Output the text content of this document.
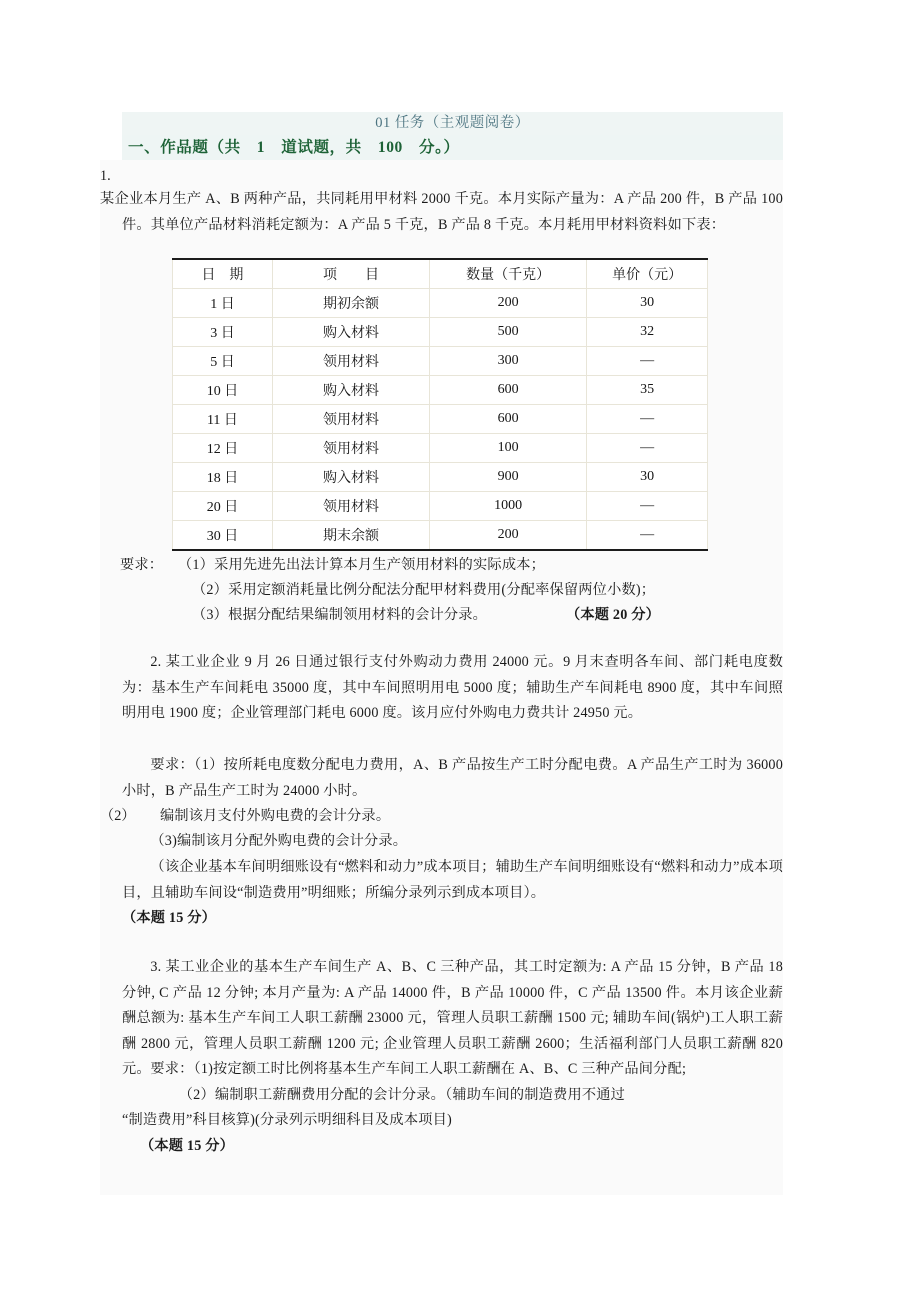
01 任务（主观题阅卷）
一、作品题（共　1　道试题，共　100　分。）
1.
某企业本月生产 A、B 两种产品，共同耗用甲材料 2000 千克。本月实际产量为：A 产品 200 件，B 产品 100 件。其单位产品材料消耗定额为：A 产品 5 千克，B 产品 8 千克。本月耗用甲材料资料如下表：
日　期	项　　目	数量（千克）	单价（元）
1 日	期初余额	200	30
3 日	购入材料	500	32
5 日	领用材料	300	—
10 日	购入材料	600	35
11 日	领用材料	600	—
12 日	领用材料	100	—
18 日	购入材料	900	30
20 日	领用材料	1000	—
30 日	期末余额	200	—
要求：	（1）采用先进先出法计算本月生产领用材料的实际成本；
（2）采用定额消耗量比例分配法分配甲材料费用(分配率保留两位小数)；
（3）根据分配结果编制领用材料的会计分录。	（本题 20 分）
2. 某工业企业 9 月 26 日通过银行支付外购动力费用 24000 元。9 月末查明各车间、部门耗电度数为：基本生产车间耗电 35000 度，其中车间照明用电 5000 度；辅助生产车间耗电 8900 度，其中车间照明用电 1900 度；企业管理部门耗电 6000 度。该月应付外购电力费共计 24950 元。
要求：（1）按所耗电度数分配电力费用，A、B 产品按生产工时分配电费。A 产品生产工时为 36000 小时，B 产品生产工时为 24000 小时。
（2） 编制该月支付外购电费的会计分录。
（3)编制该月分配外购电费的会计分录。
（该企业基本车间明细账设有“燃料和动力”成本项目；辅助生产车间明细账设有“燃料和动力”成本项目，且辅助车间设“制造费用”明细账；所编分录列示到成本项目）。
（本题 15 分）
3. 某工业企业的基本生产车间生产 A、B、C 三种产品，其工时定额为: A 产品 15 分钟，B 产品 18 分钟, C 产品 12 分钟; 本月产量为: A 产品 14000 件，B 产品 10000 件，C 产品 13500 件。本月该企业薪酬总额为: 基本生产车间工人职工薪酬 23000 元，管理人员职工薪酬 1500 元; 辅助车间(锅炉)工人职工薪酬 2800 元，管理人员职工薪酬 1200 元; 企业管理人员职工薪酬 2600；生活福利部门人员职工薪酬 820 元。 要求：（1)按定额工时比例将基本生产车间工人职工薪酬在 A、B、C 三种产品间分配;
（2）编制职工薪酬费用分配的会计分录。（辅助车间的制造费用不通过
“制造费用”科目核算)(分录列示明细科目及成本项目)
（本题 15 分）
